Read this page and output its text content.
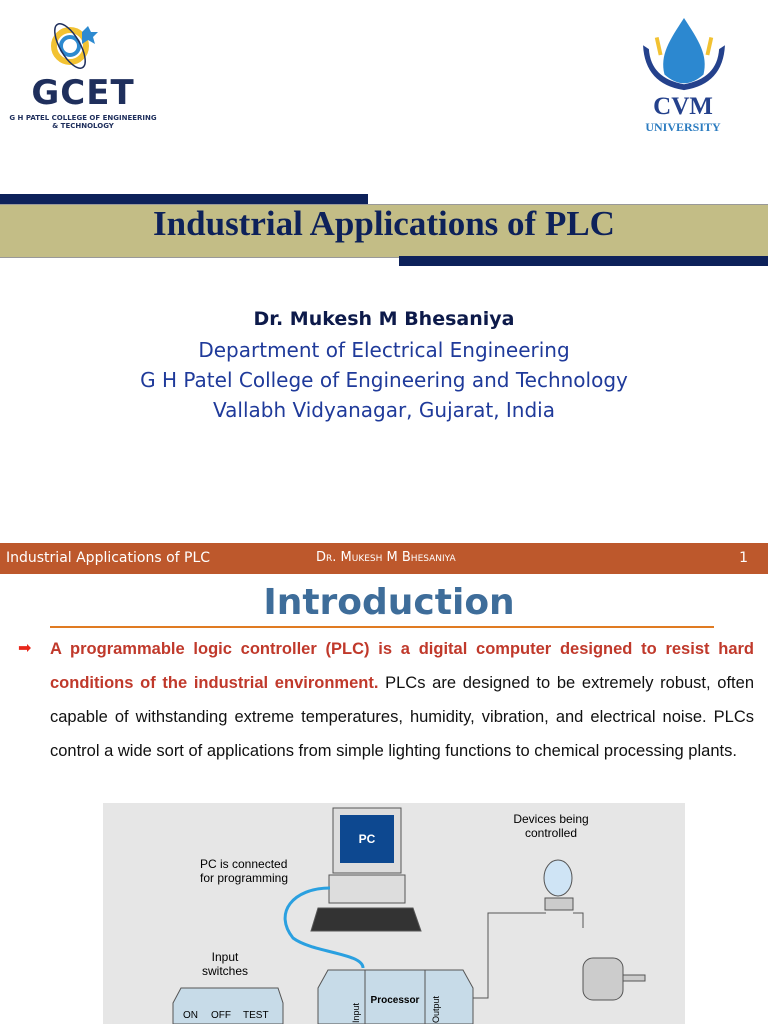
GCET
G H PATEL COLLEGE OF ENGINEERING & TECHNOLOGY
CVM
UNIVERSITY
Industrial Applications of PLC
Dr. Mukesh M Bhesaniya
Department of Electrical Engineering
G H Patel College of Engineering and Technology
Vallabh Vidyanagar, Gujarat, India
Industrial Applications of PLC	Dr. Mukesh M Bhesaniya	1
Introduction
➡ A programmable logic controller (PLC) is a digital computer designed to resist hard conditions of the industrial environment. PLCs are designed to be extremely robust, often capable of withstanding extreme temperatures, humidity, vibration, and electrical noise. PLCs control a wide sort of applications from simple lighting functions to chemical processing plants.
PC
PC is connected
for programming
Devices being
controlled
Input
switches
Processor
ON OFF TEST	Input	Output
